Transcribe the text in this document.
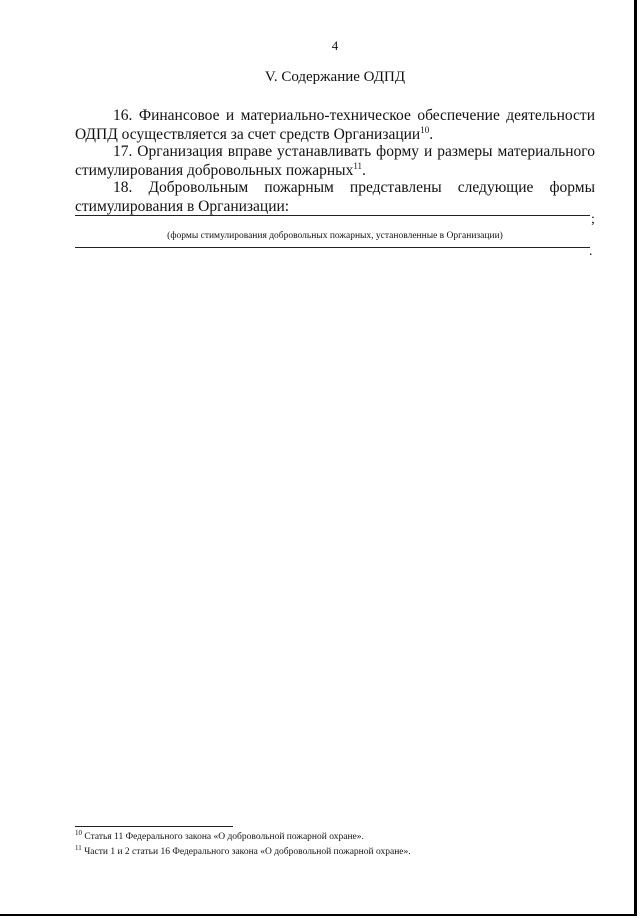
4
V. Содержание ОДПД
16. Финансовое и материально-техническое обеспечение деятельности
ОДПД осуществляется за счет средств Организации$^{10}$.
17. Организация вправе устанавливать форму и размеры материального
стимулирования добровольных пожарных$^{11}$.
18. Добровольным пожарным представлены следующие формы
стимулирования в Организации:
;
(формы стимулирования добровольных пожарных, установленные в Организации)
.
$^{10}$ Статья 11 Федерального закона «О добровольной пожарной охране».
$^{11}$ Части 1 и 2 статьи 16 Федерального закона «О добровольной пожарной охране».
